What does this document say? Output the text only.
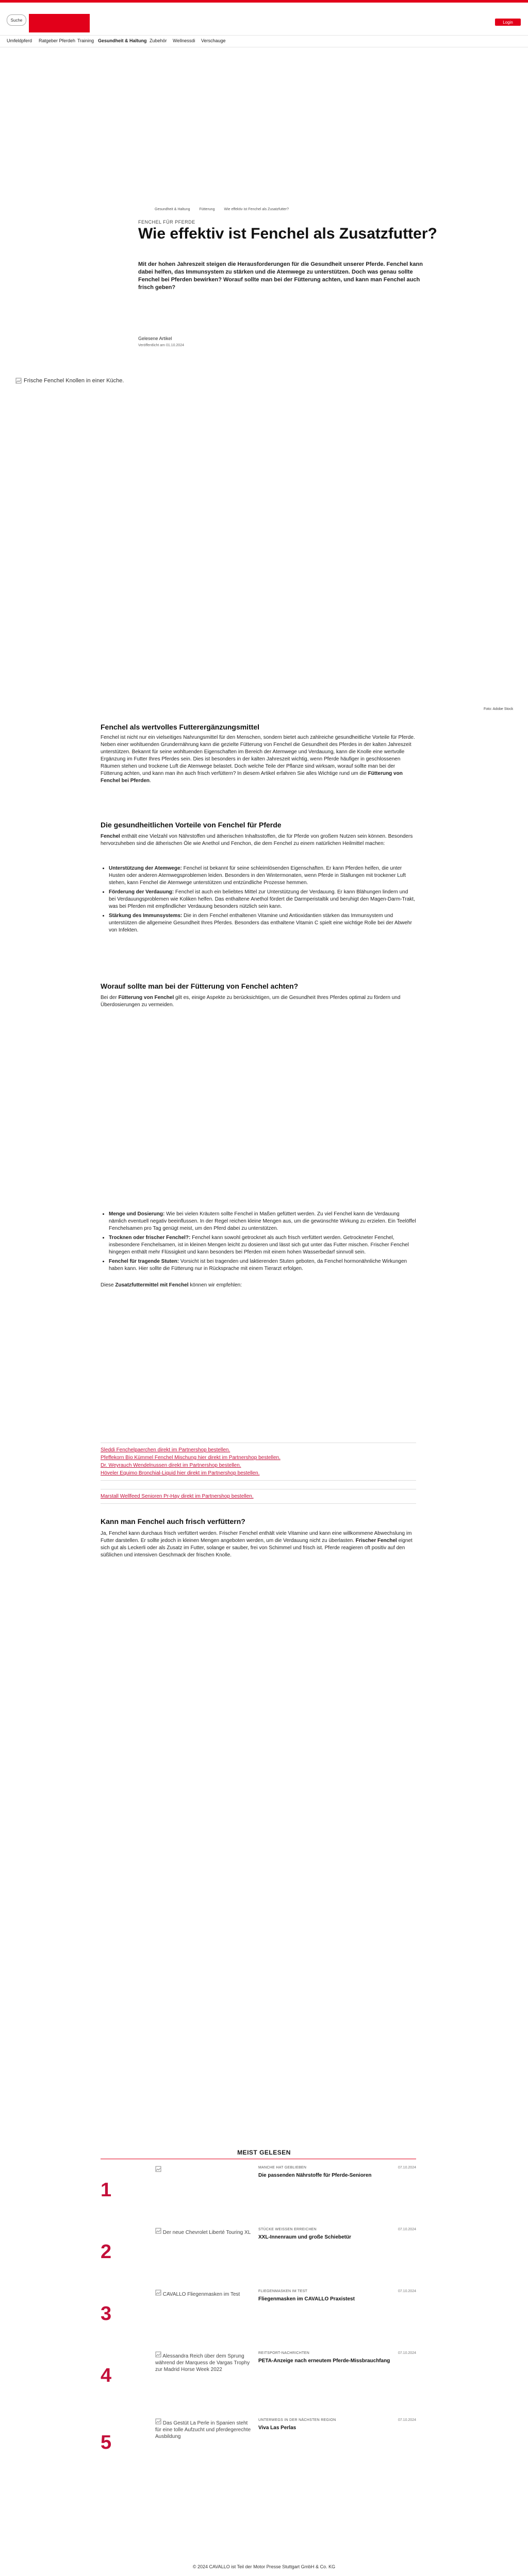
Suche	Login
Umfeldpferd Ratgeber Pferdeh Training Gesundheit & Haltung Zubehör Wellnessdi Verschauge
Gesundheit & Haltung	Fütterung	Wie effektiv ist Fenchel als Zusatzfutter?
FENCHEL FÜR PFERDE
Wie effektiv ist Fenchel als Zusatzfutter?

Mit der hohen Jahreszeit steigen die Herausforderungen für die Gesundheit unserer Pferde. Fenchel kann dabei helfen, das Immunsystem zu stärken und die Atemwege zu unterstützen. Doch was genau sollte Fenchel bei Pferden bewirken? Worauf sollte man bei der Fütterung achten, und kann man Fenchel auch frisch geben?

Gelesene Artikel
Veröffentlicht am 01.10.2024
Frische Fenchel Knollen in einer Küche.
Foto: Adobe Stock
Fenchel als wertvolles Futterergänzungsmittel

Fenchel ist nicht nur ein vielseitiges Nahrungsmittel für den Menschen, sondern bietet auch zahlreiche gesundheitliche Vorteile für Pferde. Neben einer wohltuenden Grundernährung kann die gezielte Fütterung von Fenchel die Gesundheit des Pferdes in der kalten Jahreszeit unterstützen. Bekannt für seine wohltuenden Eigenschaften im Bereich der Atemwege und Verdauung, kann die Knolle eine wertvolle Ergänzung im Futter Ihres Pferdes sein. Dies ist besonders in der kalten Jahreszeit wichtig, wenn Pferde häufiger in geschlossenen Räumen stehen und trockene Luft die Atemwege belastet. Doch welche Teile der Pflanze sind wirksam, worauf sollte man bei der Fütterung achten, und kann man ihn auch frisch verfüttern? In diesem Artikel erfahren Sie alles Wichtige rund um die Fütterung von Fenchel bei Pferden.

Die gesundheitlichen Vorteile von Fenchel für Pferde

Fenchel enthält eine Vielzahl von Nährstoffen und ätherischen Inhaltsstoffen, die für Pferde von großem Nutzen sein können. Besonders hervorzuheben sind die ätherischen Öle wie Anethol und Fenchon, die dem Fenchel zu einem natürlichen Heilmittel machen:

• Unterstützung der Atemwege: Fenchel ist bekannt für seine schleimlösenden Eigenschaften. Er kann Pferden helfen, die unter Husten oder anderen Atemwegsproblemen leiden. Besonders in den Wintermonaten, wenn Pferde in Stallungen mit trockener Luft stehen, kann Fenchel die Atemwege unterstützen und entzündliche Prozesse hemmen.
• Förderung der Verdauung: Fenchel ist auch ein beliebtes Mittel zur Unterstützung der Verdauung. Er kann Blähungen lindern und bei Verdauungsproblemen wie Koliken helfen. Das enthaltene Anethol fördert die Darmperistaltik und beruhigt den Magen-Darm-Trakt, was bei Pferden mit empfindlicher Verdauung besonders nützlich sein kann.
• Stärkung des Immunsystems: Die in dem Fenchel enthaltenen Vitamine und Antioxidantien stärken das Immunsystem und unterstützen die allgemeine Gesundheit Ihres Pferdes. Besonders das enthaltene Vitamin C spielt eine wichtige Rolle bei der Abwehr von Infekten.
Worauf sollte man bei der Fütterung von Fenchel achten?

Bei der Fütterung von Fenchel gilt es, einige Aspekte zu berücksichtigen, um die Gesundheit Ihres Pferdes optimal zu fördern und Überdosierungen zu vermeiden.

• Menge und Dosierung: Wie bei vielen Kräutern sollte Fenchel in Maßen gefüttert werden. Zu viel Fenchel kann die Verdauung nämlich eventuell negativ beeinflussen. In der Regel reichen kleine Mengen aus, um die gewünschte Wirkung zu erzielen. Ein Teelöffel Fenchelsamen pro Tag genügt meist, um den Pferd dabei zu unterstützen.
• Trocknen oder frischer Fenchel?: Fenchel kann sowohl getrocknet als auch frisch verfüttert werden. Getrockneter Fenchel, insbesondere Fenchelsamen, ist in kleinen Mengen leicht zu dosieren und lässt sich gut unter das Futter mischen. Frischer Fenchel hingegen enthält mehr Flüssigkeit und kann besonders bei Pferden mit einem hohen Wasserbedarf sinnvoll sein.
• Fenchel für tragende Stuten: Vorsicht ist bei tragenden und laktierenden Stuten geboten, da Fenchel hormonähnliche Wirkungen haben kann. Hier sollte die Fütterung nur in Rücksprache mit einem Tierarzt erfolgen.

Diese Zusatzfuttermittel mit Fenchel können wir empfehlen:

Sleddi Fenchelpaerchen direkt im Partnershop bestellen.
Pfeffekorn Bio Kümmel Fenchel Mischung hier direkt im Partnershop bestellen.
Dr. Weyrauch Wendelnussen direkt im Partnershop bestellen.
Höveler Equimo Bronchial-Liquid hier direkt im Partnershop bestellen.
Marstall Wellfeed Senioren Pr-Hay direkt im Partnershop bestellen.
Kann man Fenchel auch frisch verfüttern?

Ja, Fenchel kann durchaus frisch verfüttert werden. Frischer Fenchel enthält viele Vitamine und kann eine willkommene Abwechslung im Futter darstellen. Er sollte jedoch in kleinen Mengen angeboten werden, um die Verdauung nicht zu überlasten. Frischer Fenchel eignet sich gut als Leckerli oder als Zusatz im Futter, solange er sauber, frei von Schimmel und frisch ist. Pferde reagieren oft positiv auf den süßlichen und intensiven Geschmack der frischen Knolle.

MEIST GELESEN
1
MANCHE HAT GEBLIEBEN	07.10.2024
Die passenden Nährstoffe für Pferde-Senioren
2
Der neue Chevrolet Liberté Touring XL
STÜCKE WEISSEN ERREICHEN	07.10.2024
XXL-Innenraum und große Schiebetür
3
CAVALLO Fliegenmasken im Test
FLIEGENMASKEN IM TEST	07.10.2024
Fliegenmasken im CAVALLO Praxistest
4
Alessandra Reich über dem Sprung während der Marquess de Vargas Trophy zur Madrid Horse Week 2022
REITSPORT-NACHRICHTEN	07.10.2024
PETA-Anzeige nach erneutem Pferde-Missbrauchfang
5
Das Gestüt La Perle in Spanien steht für eine tolle Aufzucht und pferdegerechte Ausbildung
UNTERWEGS IN DER NÄCHSTEN REGION	07.10.2024
Viva Las Perlas
© 2024 CAVALLO ist Teil der Motor Presse Stuttgart GmbH & Co. KG
